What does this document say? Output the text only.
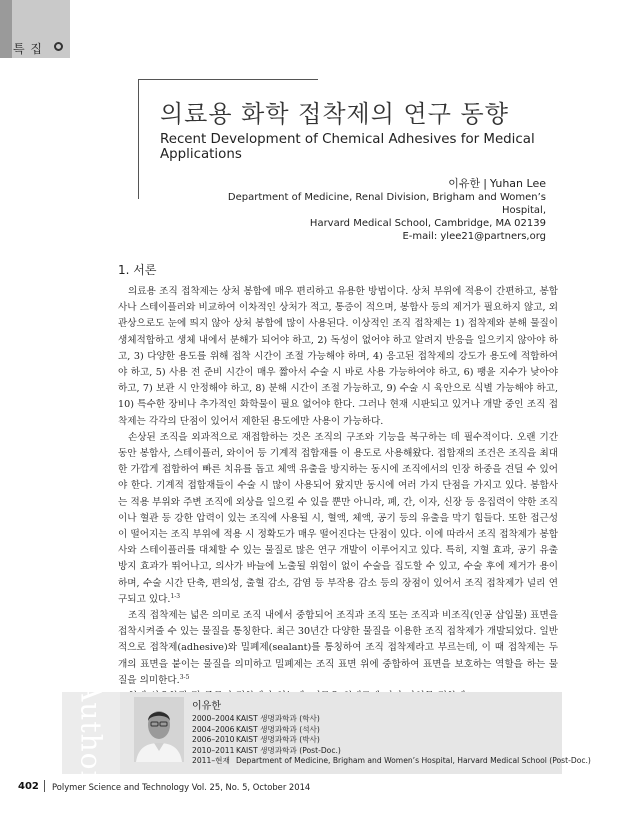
특 집
의료용 화학 접착제의 연구 동향
Recent Development of Chemical Adhesives for Medical Applications
이유한 | Yuhan Lee
Department of Medicine, Renal Division, Brigham and Women’s Hospital,
Harvard Medical School, Cambridge, MA 02139
E-mail: ylee21@partners,org
1. 서론

의료용 조직 접착제는 상처 봉합에 매우 편리하고 유용한 방법이다. 상처 부위에 적용이 간편하고, 봉합사나 스테이플러와 비교하여 이차적인 상처가 적고, 통증이 적으며, 봉합사 등의 제거가 필요하지 않고, 외관상으로도 눈에 띄지 않아 상처 봉합에 많이 사용된다. 이상적인 조직 접착제는 1) 접착제와 분해 물질이 생체적합하고 생체 내에서 분해가 되어야 하고, 2) 독성이 없어야 하고 알려지 반응을 일으키지 않아야 하고, 3) 다양한 용도를 위해 접착 시간이 조절 가능해야 하며, 4) 응고된 접착제의 강도가 용도에 적합하여야 하고, 5) 사용 전 준비 시간이 매우 짧아서 수술 시 바로 사용 가능하여야 하고, 6) 팽윤 지수가 낮아야 하고, 7) 보관 시 안정해야 하고, 8) 분해 시간이 조절 가능하고, 9) 수술 시 육안으로 식별 가능해야 하고, 10) 특수한 장비나 추가적인 화학물이 필요 없어야 한다. 그러나 현재 시판되고 있거나 개발 중인 조직 접착제는 각각의 단점이 있어서 제한된 용도에만 사용이 가능하다.

손상된 조직을 외과적으로 재접합하는 것은 조직의 구조와 기능을 복구하는 데 필수적이다. 오랜 기간 동안 봉합사, 스테이플러, 와이어 등 기계적 접합재를 이 용도로 사용해왔다. 접합재의 조건은 조직을 최대한 가깝게 접합하여 빠른 치유를 돕고 체액 유출을 방지하는 동시에 조직에서의 인장 하중을 견딜 수 있어야 한다. 기계적 접합재들이 수술 시 많이 사용되어 왔지만 동시에 여러 가지 단점을 가지고 있다. 봉합사는 적용 부위와 주변 조직에 외상을 일으킬 수 있을 뿐만 아니라, 폐, 간, 이자, 신장 등 응집력이 약한 조직이나 혈관 등 강한 압력이 있는 조직에 사용될 시, 혈액, 체액, 공기 등의 유출을 막기 힘들다. 또한 접근성이 떨어지는 조직 부위에 적용 시 정확도가 매우 떨어진다는 단점이 있다. 이에 따라서 조직 접착제가 봉합사와 스테이플러를 대체할 수 있는 물질로 많은 연구 개발이 이루어지고 있다. 특히, 지혈 효과, 공기 유출 방지 효과가 뛰어나고, 의사가 바늘에 노출될 위험이 없이 수술을 집도할 수 있고, 수술 후에 제거가 용이하며, 수술 시간 단축, 편의성, 출혈 감소, 감염 등 부작용 감소 등의 장점이 있어서 조직 접착제가 널리 연구되고 있다.$^{1-3}$

조직 접착제는 넓은 의미로 조직 내에서 중합되어 조직과 조직 또는 조직과 비조직(인공 삽입물) 표면을 접착시켜줄 수 있는 물질을 통칭한다. 최근 30년간 다양한 물질을 이용한 조직 접착제가 개발되었다. 일반적으로 접착제(adhesive)와 밀폐제(sealant)를 통칭하여 조직 접착제라고 부르는데, 이 때 접착제는 두 개의 표면을 붙이는 물질을 의미하고 밀폐제는 조직 표면 위에 중합하여 표면을 보호하는 역할을 하는 물질을 의미한다.$^{3-5}$

Author	이유한
2000–2004 KAIST 생명과학과 (학사)
2004–2006 KAIST 생명과학과 (석사)
2006–2010 KAIST 생명과학과 (박사)
2010–2011 KAIST 생명과학과 (Post-Doc.)
2011–현재 Department of Medicine, Brigham and Women’s Hospital, Harvard Medical School (Post-Doc.)
402 Polymer Science and Technology Vol. 25, No. 5, October 2014
